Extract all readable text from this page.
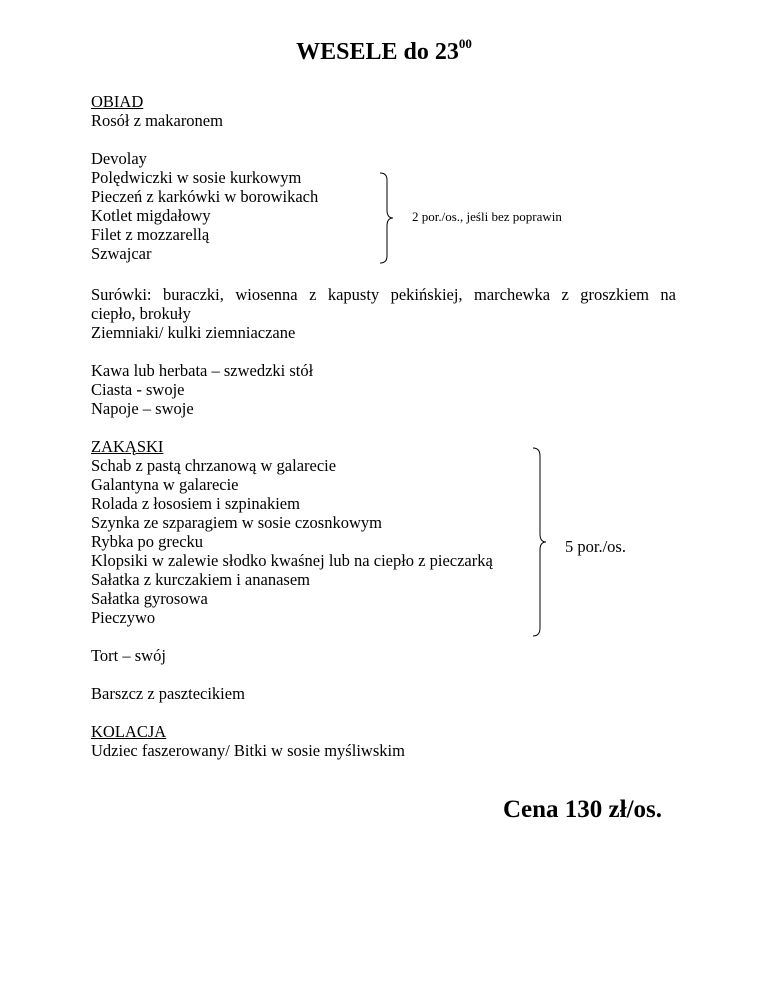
WESELE do $23^{00}$
OBIAD
Rosół z makaronem
Devolay
Polędwiczki w sosie kurkowym
Pieczeń z karkówki w borowikach
Kotlet migdałowy
Filet z mozzarellą
Szwajcar
2 por./os., jeśli bez poprawin
Surówki: buraczki, wiosenna z kapusty pekińskiej, marchewka z groszkiem na
ciepło, brokuły
Ziemniaki/ kulki ziemniaczane
Kawa lub herbata – szwedzki stół
Ciasta - swoje
Napoje – swoje
ZAKĄSKI
Schab z pastą chrzanową w galarecie
Galantyna w galarecie
Rolada z łososiem i szpinakiem
Szynka ze szparagiem w sosie czosnkowym
Rybka po grecku
Klopsiki w zalewie słodko kwaśnej lub na ciepło z pieczarką
Sałatka z kurczakiem i ananasem
Sałatka gyrosowa
Pieczywo
5 por./os.
Tort – swój
Barszcz z pasztecikiem
KOLACJA
Udziec faszerowany/ Bitki w sosie myśliwskim
Cena 130 zł/os.
